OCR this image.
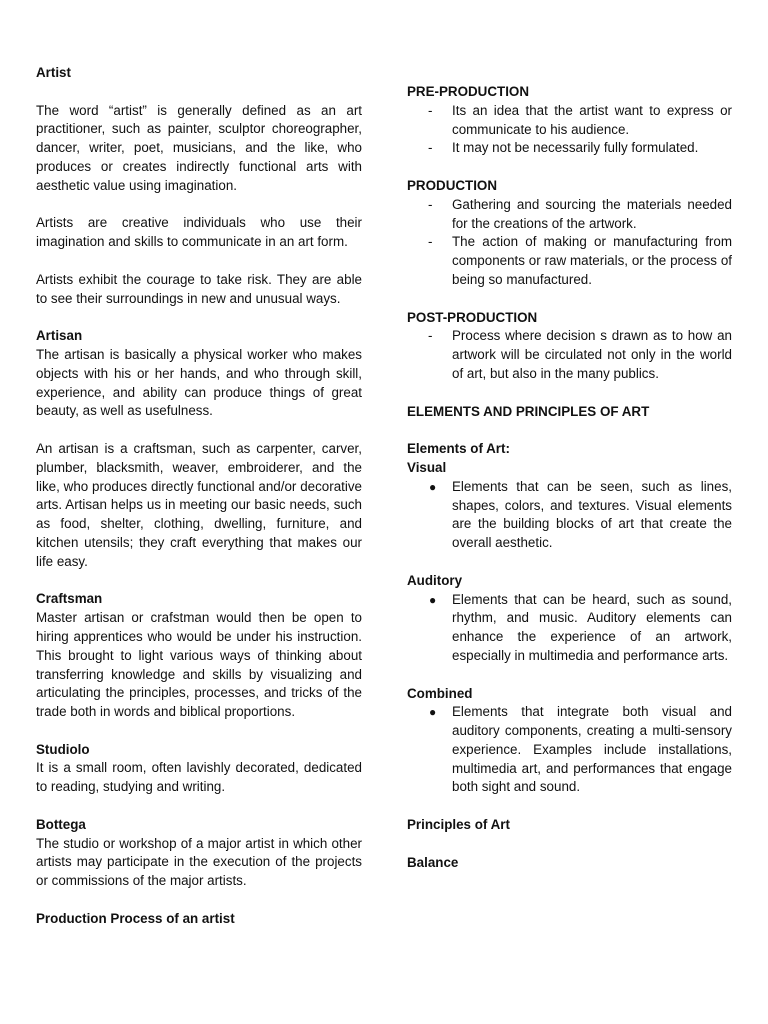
Artist

The word “artist” is generally defined as an art practitioner, such as painter, sculptor choreographer, dancer, writer, poet, musicians, and the like, who produces or creates indirectly functional arts with aesthetic value using imagination.

Artists are creative individuals who use their imagination and skills to communicate in an art form.

Artists exhibit the courage to take risk. They are able to see their surroundings in new and unusual ways.

Artisan

The artisan is basically a physical worker who makes objects with his or her hands, and who through skill, experience, and ability can produce things of great beauty, as well as usefulness.

An artisan is a craftsman, such as carpenter, carver, plumber, blacksmith, weaver, embroiderer, and the like, who produces directly functional and/or decorative arts. Artisan helps us in meeting our basic needs, such as food, shelter, clothing, dwelling, furniture, and kitchen utensils; they craft everything that makes our life easy.

Craftsman

Master artisan or crafstman would then be open to hiring apprentices who would be under his instruction. This brought to light various ways of thinking about transferring knowledge and skills by visualizing and articulating the principles, processes, and tricks of the trade both in words and biblical proportions.

Studiolo

It is a small room, often lavishly decorated, dedicated to reading, studying and writing.

Bottega

The studio or workshop of a major artist in which other artists may participate in the execution of the projects or commissions of the major artists.

Production Process of an artist
PRE-PRODUCTION
- Its an idea that the artist want to express or communicate to his audience.
- It may not be necessarily fully formulated.
PRODUCTION
- Gathering and sourcing the materials needed for the creations of the artwork.
- The action of making or manufacturing from components or raw materials, or the process of being so manufactured.
POST-PRODUCTION
- Process where decision s drawn as to how an artwork will be circulated not only in the world of art, but also in the many publics.
ELEMENTS AND PRINCIPLES OF ART
Elements of Art:
Visual
● Elements that can be seen, such as lines, shapes, colors, and textures. Visual elements are the building blocks of art that create the overall aesthetic.
Auditory
● Elements that can be heard, such as sound, rhythm, and music. Auditory elements can enhance the experience of an artwork, especially in multimedia and performance arts.
Combined
● Elements that integrate both visual and auditory components, creating a multi-sensory experience. Examples include installations, multimedia art, and performances that engage both sight and sound.
Principles of Art
Balance
